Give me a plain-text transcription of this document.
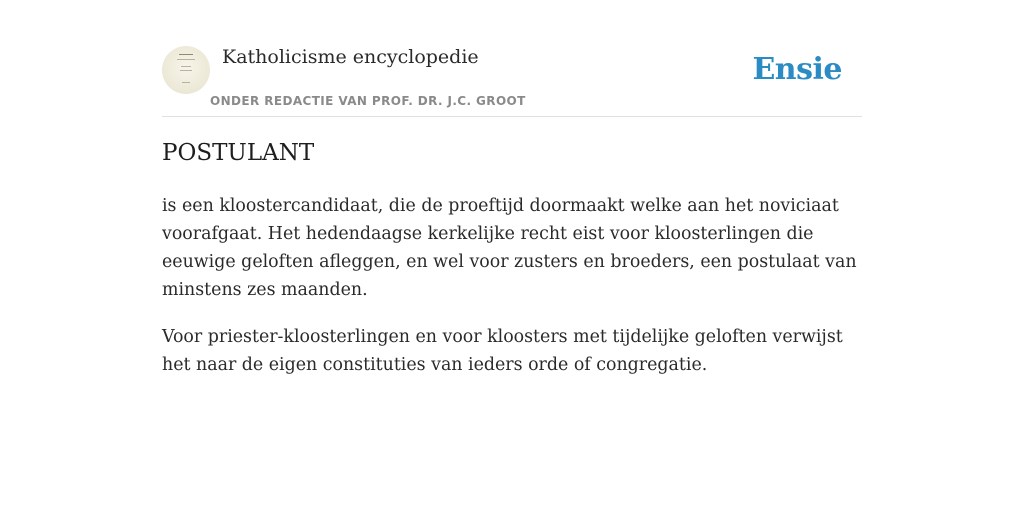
Katholicisme encyclopedie
ONDER REDACTIE VAN PROF. DR. J.C. GROOT
Ensie
POSTULANT

is een kloostercandidaat, die de proeftijd doormaakt welke aan het noviciaat voorafgaat. Het hedendaagse kerkelijke recht eist voor kloosterlingen die eeuwige geloften afleggen, en wel voor zusters en broeders, een postulaat van minstens zes maanden.

Voor priester-kloosterlingen en voor kloosters met tijdelijke geloften verwijst het naar de eigen constituties van ieders orde of congregatie.
